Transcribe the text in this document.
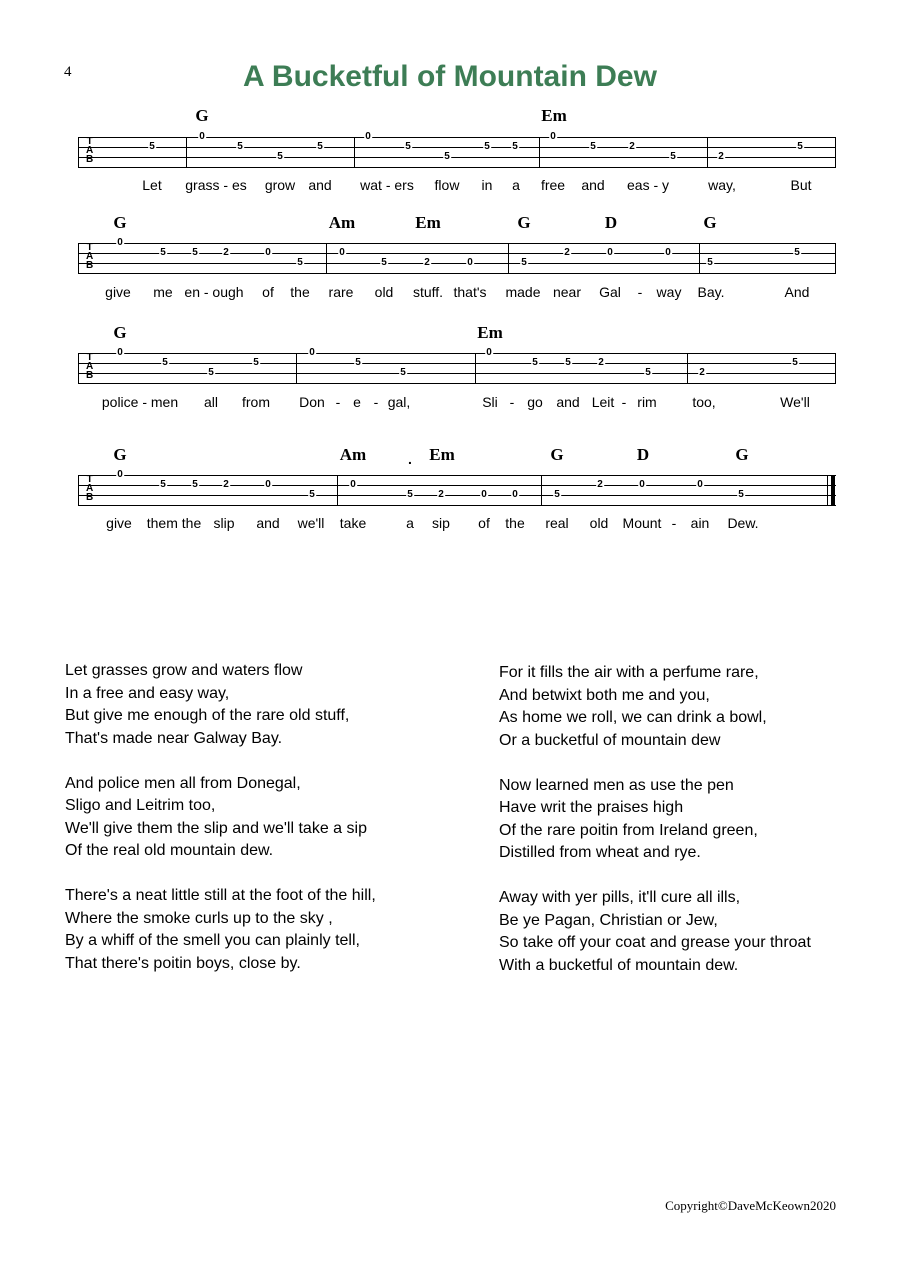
4	A Bucketful of Mountain Dew
G	Em
T
A
B
5
0
5
5
5
0
5
5
5 5
0
5	2
5	2
5
Let grass - es grow and wat - ers flow in a free and eas - y	way,	But
G	Am	Em	G	D	G
T
A
B
0
5	5	2	0
5
0
5	2	0	5
2	0	0
5
5
give me en - ough of the rare old stuff. that's made near Gal - way Bay.	And
G	Em
T
A
B
0
5
5
5
0
5
5
0
5	5	2
5	2
5
police - men all from Don - e - gal,	Sli - go and Leit - rim	too,	We'll
G	Am	. Em	G	D	G
T
A
B
0
5	5	2	0
5
0
5	2	0	0	5
2	0	0
5
give them the slip and we'll take	a sip of the real old Mount - ain Dew.
Let grasses grow and waters flow
In a free and easy way,
But give me enough of the rare old stuff,
That's made near Galway Bay.
And police men all from Donegal,
Sligo and Leitrim too,
We'll give them the slip and we'll take a sip
Of the real old mountain dew.
There's a neat little still at the foot of the hill,
Where the smoke curls up to the sky ,
By a whiff of the smell you can plainly tell,
That there's poitin boys, close by.
For it fills the air with a perfume rare,
And betwixt both me and you,
As home we roll, we can drink a bowl,
Or a bucketful of mountain dew
Now learned men as use the pen
Have writ the praises high
Of the rare poitin from Ireland green,
Distilled from wheat and rye.
Away with yer pills, it'll cure all ills,
Be ye Pagan, Christian or Jew,
So take off your coat and grease your throat
With a bucketful of mountain dew.
Copyright©DaveMcKeown2020
